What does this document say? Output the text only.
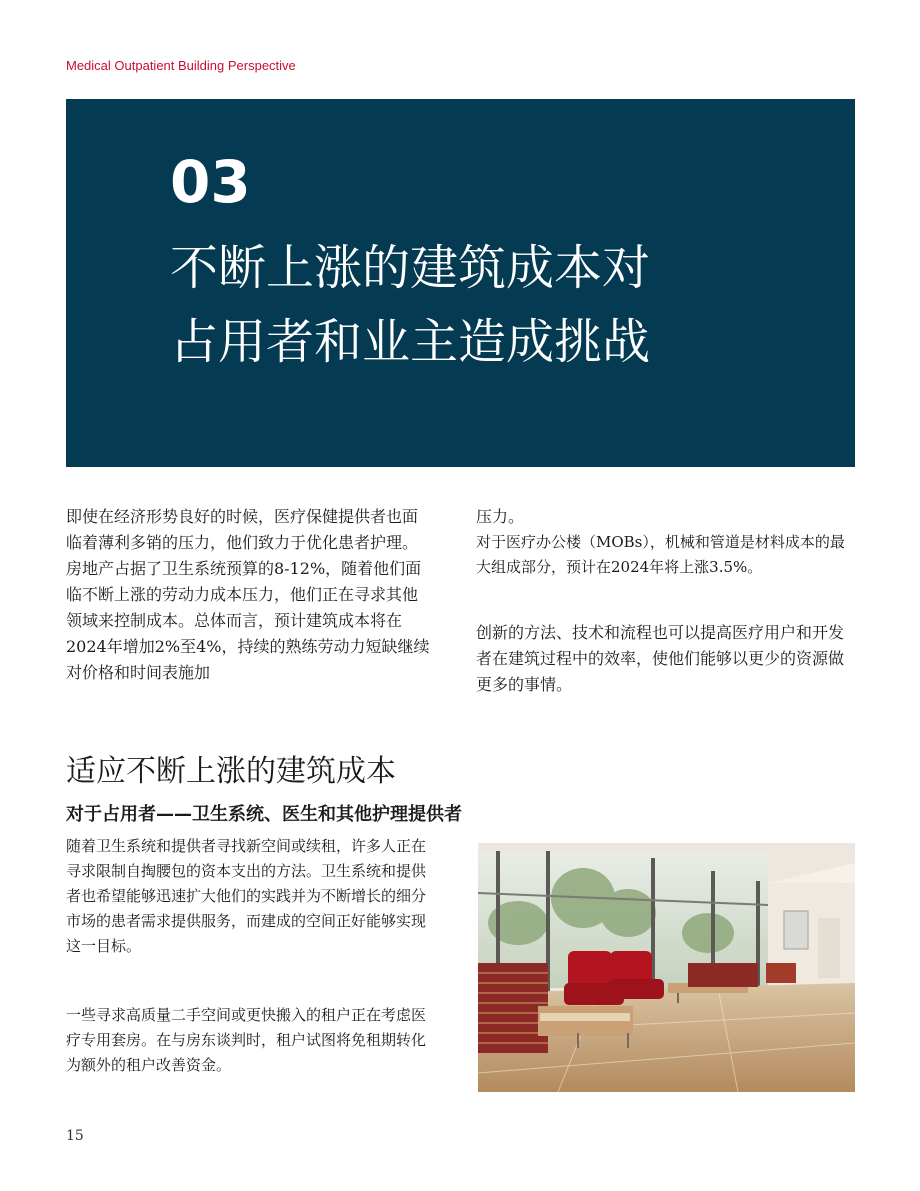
Medical Outpatient Building Perspective
03
不断上涨的建筑成本对
占用者和业主造成挑战

即使在经济形势良好的时候，医疗保健提供者也面临着薄利多销的压力，他们致力于优化患者护理。房地产占据了卫生系统预算的8-12%，随着他们面临不断上涨的劳动力成本压力，他们正在寻求其他领域来控制成本。总体而言，预计建筑成本将在2024年增加2%至4%，持续的熟练劳动力短缺继续对价格和时间表施加

压力。

对于医疗办公楼（MOBs），机械和管道是材料成本的最大组成部分，预计在2024年将上涨3.5%。

创新的方法、技术和流程也可以提高医疗用户和开发者在建筑过程中的效率，使他们能够以更少的资源做更多的事情。

适应不断上涨的建筑成本
对于占用者——卫生系统、医生和其他护理提供者

随着卫生系统和提供者寻找新空间或续租，许多人正在寻求限制自掏腰包的资本支出的方法。卫生系统和提供者也希望能够迅速扩大他们的实践并为不断增长的细分市场的患者需求提供服务，而建成的空间正好能够实现这一目标。

一些寻求高质量二手空间或更快搬入的租户正在考虑医疗专用套房。在与房东谈判时，租户试图将免租期转化为额外的租户改善资金。

15
